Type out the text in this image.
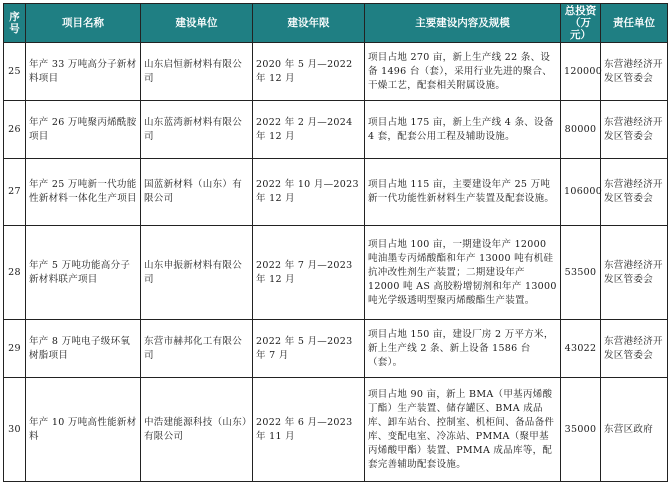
序号	项目名称	建设单位	建设年限	主要建设内容及规模	总投资（万元）	责任单位
25	年产 33 万吨高分子新材料项目	山东启恒新材料有限公司	2020 年 5 月—2022 年 12 月	项目占地 270 亩，新上生产线 22 条、设备 1496 台（套），采用行业先进的聚合、干燥工艺，配套相关附属设施。	120000	东营港经济开发区管委会
26	年产 26 万吨聚丙烯酰胺项目	山东蓝湾新材料有限公司	2022 年 2 月—2024 年 12 月	项目占地 175 亩，新上生产线 4 条、设备 4 套，配套公用工程及辅助设施。	80000	东营港经济开发区管委会
27	年产 25 万吨新一代功能性新材料一体化生产项目	国蓝新材料（山东）有限公司	2022 年 10 月—2023 年 12 月	项目占地 115 亩，主要建设年产 25 万吨新一代功能性新材料生产装置及配套设施。	106000	东营港经济开发区管委会
28	年产 5 万吨功能高分子新材料联产项目	山东申振新材料有限公司	2022 年 7 月—2023 年 12 月	项目占地 100 亩，一期建设年产 12000 吨油墨专丙烯酸酯和年产 13000 吨有机硅抗冲改性剂生产装置；二期建设年产 12000 吨 AS 高胶粉增韧剂和年产 13000 吨光学级透明型聚丙烯酸酯生产装置。	53500	东营港经济开发区管委会
29	年产 8 万吨电子级环氧树脂项目	东营市赫邦化工有限公司	2022 年 5 月—2023 年 7 月	项目占地 150 亩，建设厂房 2 万平方米，新上生产线 2 条、新上设备 1586 台（套）。	43022	东营港经济开发区管委会
30	年产 10 万吨高性能新材料	中浩建能源科技（山东）有限公司	2022 年 6 月—2023 年 11 月	项目占地 90 亩，新上 BMA（甲基丙烯酸丁酯）生产装置、储存罐区、BMA 成品库、卸车站台、控制室、机柜间、备品备件库、变配电室、冷冻站、PMMA（聚甲基丙烯酸甲酯）装置、PMMA 成品库等，配套完善辅助配套设施。	35000	东营区政府
